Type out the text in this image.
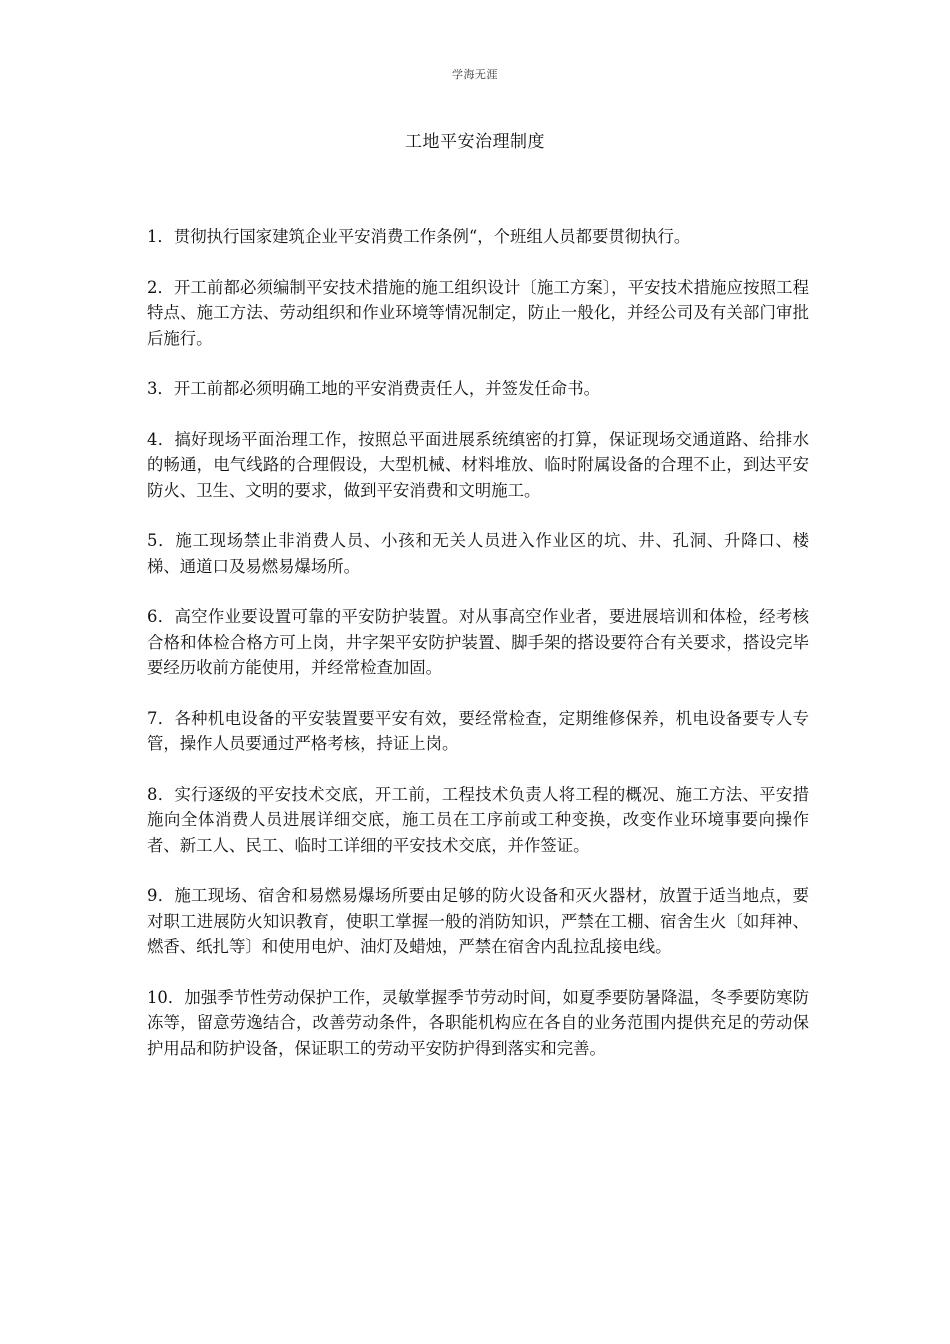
学海无涯
工地平安治理制度

1．贯彻执行国家建筑企业平安消费工作条例“，个班组人员都要贯彻执行。

2．开工前都必须编制平安技术措施的施工组织设计〔施工方案〕，平安技术措施应按照工程特点、施工方法、劳动组织和作业环境等情况制定，防止一般化，并经公司及有关部门审批后施行。

3．开工前都必须明确工地的平安消费责任人，并签发任命书。

4．搞好现场平面治理工作，按照总平面进展系统缜密的打算，保证现场交通道路、给排水的畅通，电气线路的合理假设，大型机械、材料堆放、临时附属设备的合理不止，到达平安防火、卫生、文明的要求，做到平安消费和文明施工。

5．施工现场禁止非消费人员、小孩和无关人员进入作业区的坑、井、孔洞、升降口、楼梯、通道口及易燃易爆场所。

6．高空作业要设置可靠的平安防护装置。对从事高空作业者，要进展培训和体检，经考核合格和体检合格方可上岗，井字架平安防护装置、脚手架的搭设要符合有关要求，搭设完毕要经历收前方能使用，并经常检查加固。

7．各种机电设备的平安装置要平安有效，要经常检查，定期维修保养，机电设备要专人专管，操作人员要通过严格考核，持证上岗。

8．实行逐级的平安技术交底，开工前，工程技术负责人将工程的概况、施工方法、平安措施向全体消费人员进展详细交底，施工员在工序前或工种变换，改变作业环境事要向操作者、新工人、民工、临时工详细的平安技术交底，并作签证。

9．施工现场、宿舍和易燃易爆场所要由足够的防火设备和灭火器材，放置于适当地点，要对职工进展防火知识教育，使职工掌握一般的消防知识，严禁在工棚、宿舍生火〔如拜神、燃香、纸扎等〕和使用电炉、油灯及蜡烛，严禁在宿舍内乱拉乱接电线。

10．加强季节性劳动保护工作，灵敏掌握季节劳动时间，如夏季要防暑降温，冬季要防寒防冻等，留意劳逸结合，改善劳动条件，各职能机构应在各自的业务范围内提供充足的劳动保护用品和防护设备，保证职工的劳动平安防护得到落实和完善。
